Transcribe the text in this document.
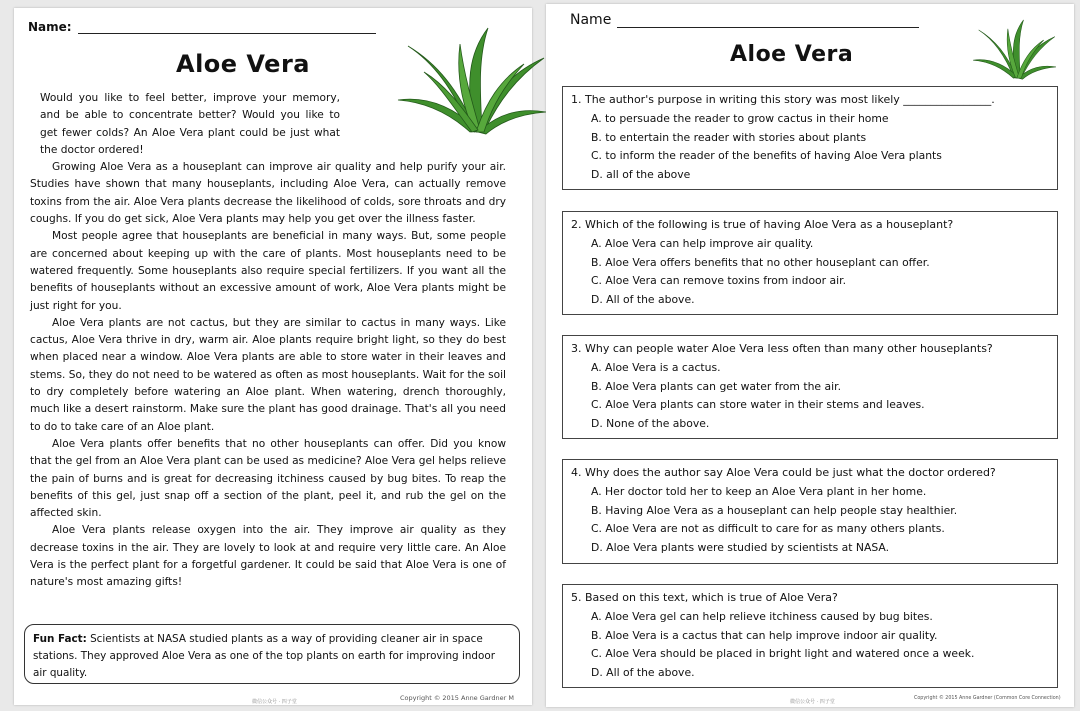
Name:
Aloe Vera

Would you like to feel better, improve your memory, and be able to concentrate better? Would you like to get fewer colds? An Aloe Vera plant could be just what the doctor ordered!

Growing Aloe Vera as a houseplant can improve air quality and help purify your air. Studies have shown that many houseplants, including Aloe Vera, can actually remove toxins from the air. Aloe Vera plants decrease the likelihood of colds, sore throats and dry coughs. If you do get sick, Aloe Vera plants may help you get over the illness faster.

Most people agree that houseplants are beneficial in many ways. But, some people are concerned about keeping up with the care of plants. Most houseplants need to be watered frequently. Some houseplants also require special fertilizers. If you want all the benefits of houseplants without an excessive amount of work, Aloe Vera plants might be just right for you.

Aloe Vera plants are not cactus, but they are similar to cactus in many ways. Like cactus, Aloe Vera thrive in dry, warm air. Aloe plants require bright light, so they do best when placed near a window. Aloe Vera plants are able to store water in their leaves and stems. So, they do not need to be watered as often as most houseplants. Wait for the soil to dry completely before watering an Aloe plant. When watering, drench thoroughly, much like a desert rainstorm. Make sure the plant has good drainage. That's all you need to do to take care of an Aloe plant.

Aloe Vera plants offer benefits that no other houseplants can offer. Did you know that the gel from an Aloe Vera plant can be used as medicine? Aloe Vera gel helps relieve the pain of burns and is great for decreasing itchiness caused by bug bites. To reap the benefits of this gel, just snap off a section of the plant, peel it, and rub the gel on the affected skin.

Aloe Vera plants release oxygen into the air. They improve air quality as they decrease toxins in the air. They are lovely to look at and require very little care. An Aloe Vera is the perfect plant for a forgetful gardener. It could be said that Aloe Vera is one of nature's most amazing gifts!

Fun Fact: Scientists at NASA studied plants as a way of providing cleaner air in space stations. They approved Aloe Vera as one of the top plants on earth for improving indoor air quality.
微信公众号 · 四子堂	Copyright © 2015 Anne Gardner M
Name
Aloe Vera
1. The author's purpose in writing this story was most likely ________________.
A. to persuade the reader to grow cactus in their home
B. to entertain the reader with stories about plants
C. to inform the reader of the benefits of having Aloe Vera plants
D. all of the above
2. Which of the following is true of having Aloe Vera as a houseplant?
A. Aloe Vera can help improve air quality.
B. Aloe Vera offers benefits that no other houseplant can offer.
C. Aloe Vera can remove toxins from indoor air.
D. All of the above.
3. Why can people water Aloe Vera less often than many other houseplants?
A. Aloe Vera is a cactus.
B. Aloe Vera plants can get water from the air.
C. Aloe Vera plants can store water in their stems and leaves.
D. None of the above.
4. Why does the author say Aloe Vera could be just what the doctor ordered?
A. Her doctor told her to keep an Aloe Vera plant in her home.
B. Having Aloe Vera as a houseplant can help people stay healthier.
C. Aloe Vera are not as difficult to care for as many others plants.
D. Aloe Vera plants were studied by scientists at NASA.
5. Based on this text, which is true of Aloe Vera?
A. Aloe Vera gel can help relieve itchiness caused by bug bites.
B. Aloe Vera is a cactus that can help improve indoor air quality.
C. Aloe Vera should be placed in bright light and watered once a week.
D. All of the above.
微信公众号 · 四子堂
Copyright © 2015 Anne Gardner (Common Core Connection)
